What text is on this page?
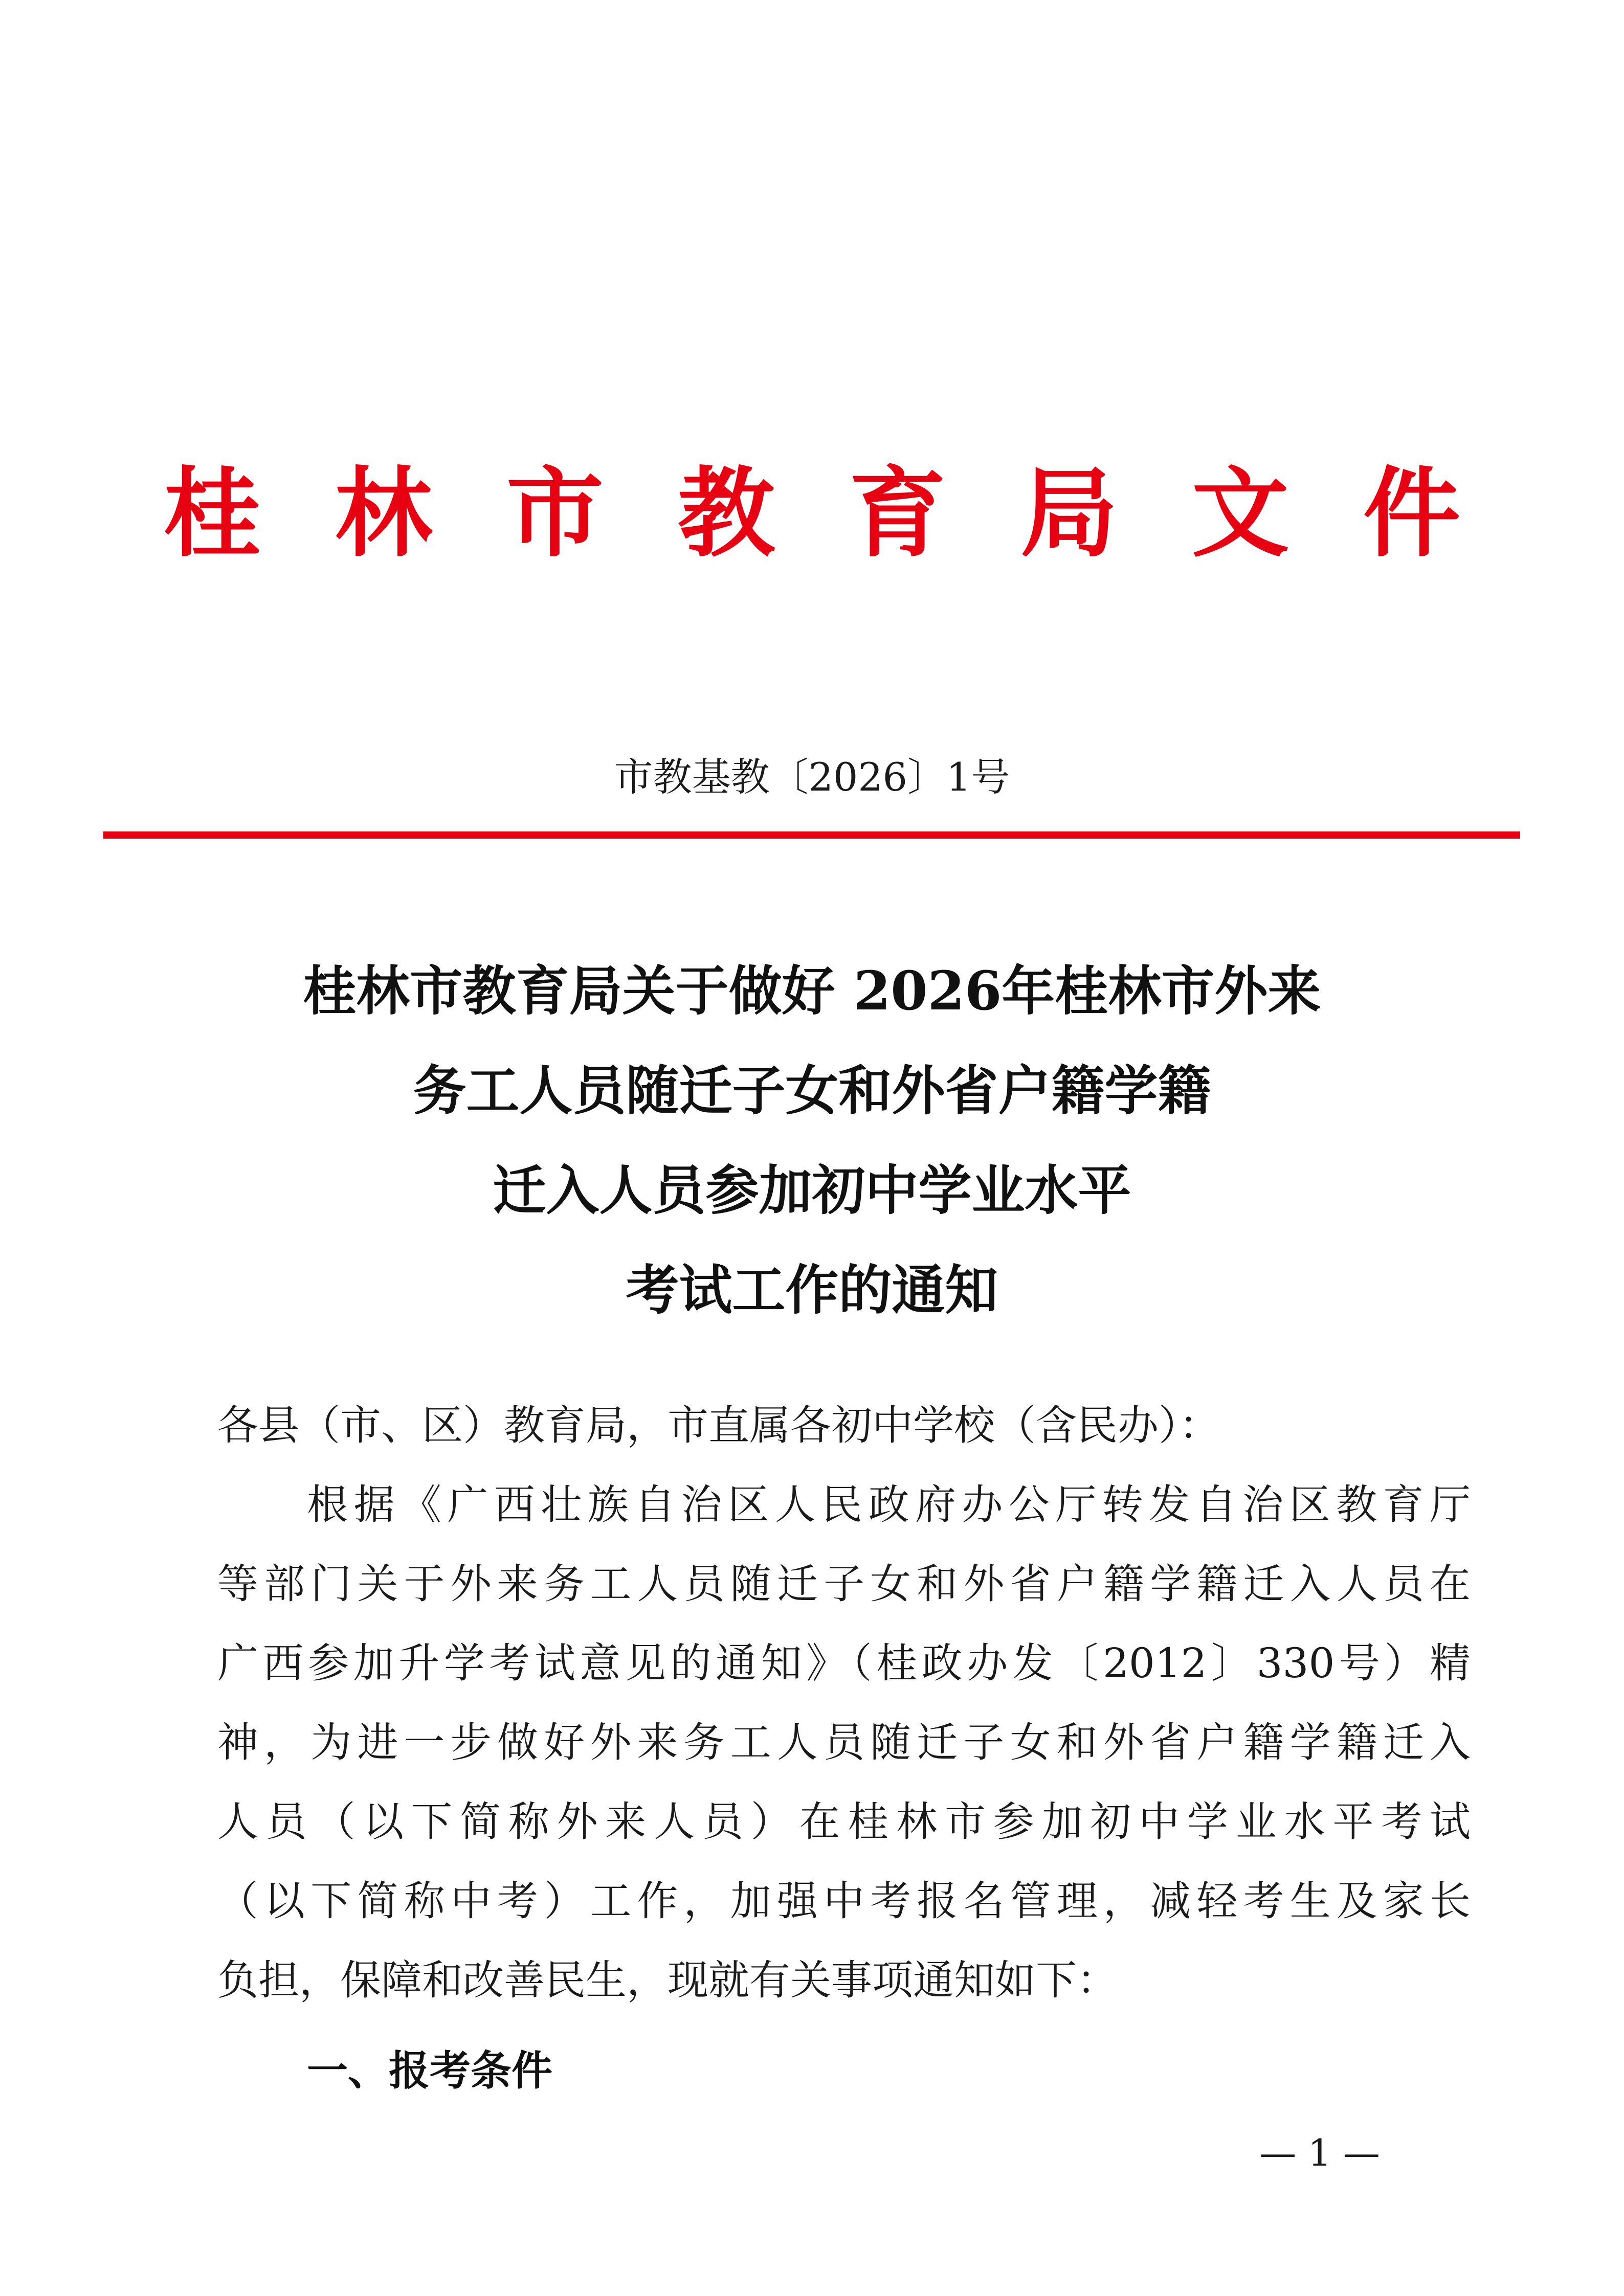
桂林市教育局文件
市教基教〔2026〕1号
桂林市教育局关于做好 2026年桂林市外来
务工人员随迁子女和外省户籍学籍
迁入人员参加初中学业水平
考试工作的通知
各县（市、区）教育局，市直属各初中学校（含民办）：
根据《广西壮族自治区人民政府办公厅转发自治区教育厅
等部门关于外来务工人员随迁子女和外省户籍学籍迁入人员在
广西参加升学考试意见的通知》（桂政办发〔2012〕330号）精
神，为进一步做好外来务工人员随迁子女和外省户籍学籍迁入
人员（以下简称外来人员）在桂林市参加初中学业水平考试
（以下简称中考）工作，加强中考报名管理，减轻考生及家长
负担，保障和改善民生，现就有关事项通知如下：
一、报考条件
— 1 —
